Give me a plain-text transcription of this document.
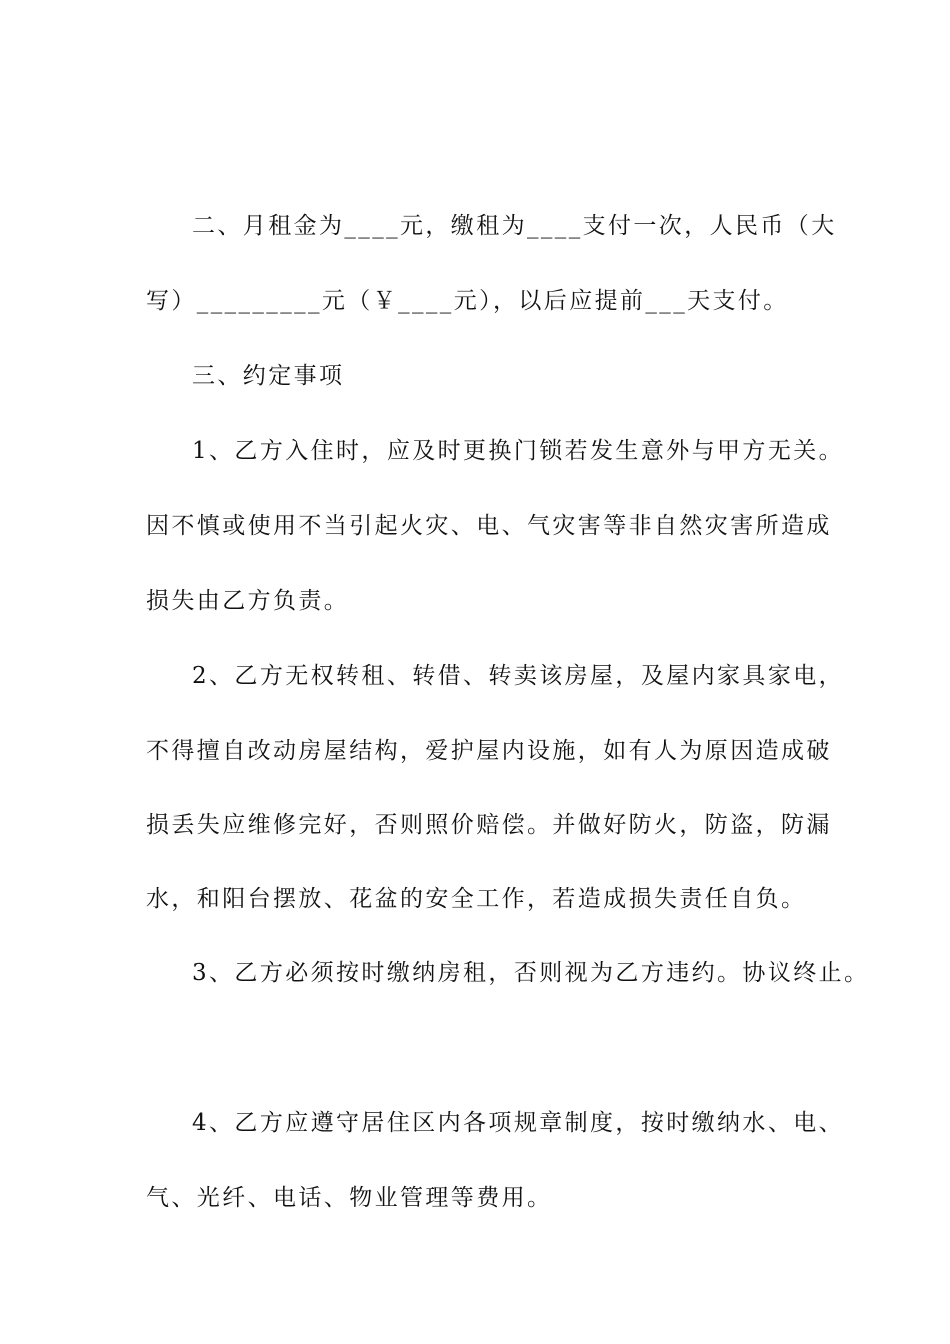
二、月租金为____元，缴租为____支付一次，人民币（大
写）_________元（￥____元），以后应提前___天支付。
三、约定事项
1、乙方入住时，应及时更换门锁若发生意外与甲方无关。
因不慎或使用不当引起火灾、电、气灾害等非自然灾害所造成
损失由乙方负责。
2、乙方无权转租、转借、转卖该房屋，及屋内家具家电，
不得擅自改动房屋结构，爱护屋内设施，如有人为原因造成破
损丢失应维修完好，否则照价赔偿。并做好防火，防盗，防漏
水，和阳台摆放、花盆的安全工作，若造成损失责任自负。
3、乙方必须按时缴纳房租，否则视为乙方违约。协议终止。
4、乙方应遵守居住区内各项规章制度，按时缴纳水、电、
气、光纤、电话、物业管理等费用。
